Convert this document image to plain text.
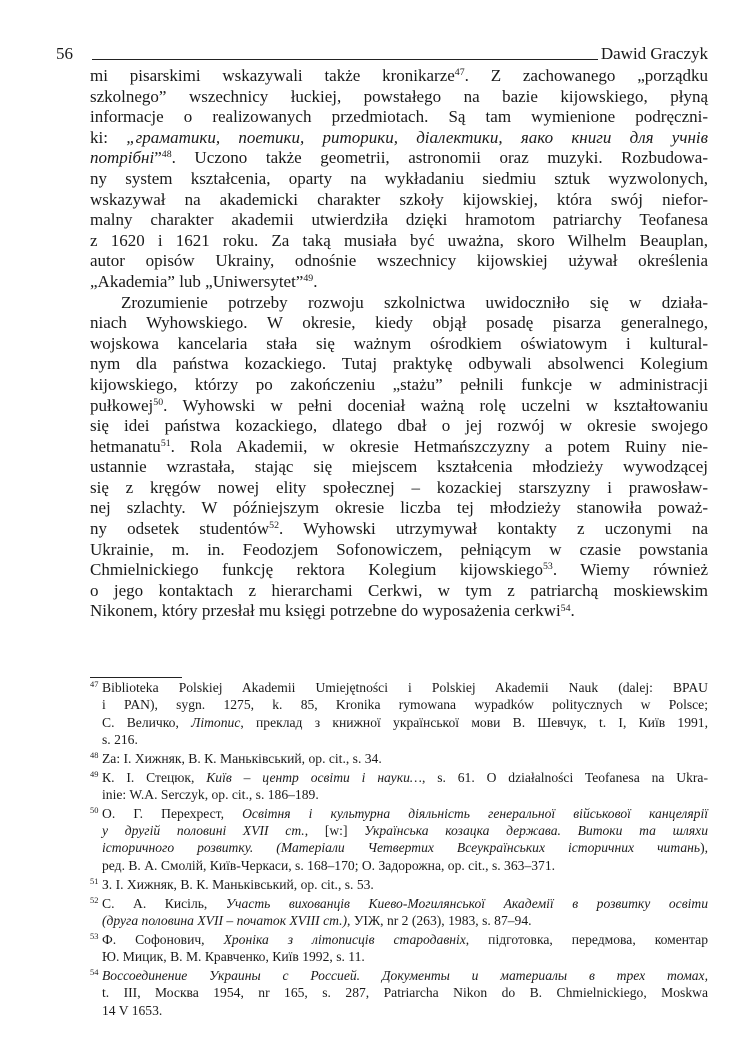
56	Dawid Graczyk
mi pisarskimi wskazywali także kronikarze$^{47}$. Z zachowanego „porządku
szkolnego” wszechnicy łuckiej, powstałego na bazie kijowskiego, płyną
informacje o realizowanych przedmiotach. Są tam wymienione podręczni-
ki: „граматики, поетики, риторики, діалектики, яако книги для учнів
потрібні”$^{48}$. Uczono także geometrii, astronomii oraz muzyki. Rozbudowa-
ny system kształcenia, oparty na wykładaniu siedmiu sztuk wyzwolonych,
wskazywał na akademicki charakter szkoły kijowskiej, która swój niefor-
malny charakter akademii utwierdziła dzięki hramotom patriarchy Teofanesa
z 1620 i 1621 roku. Za taką musiała być uważna, skoro Wilhelm Beauplan,
autor opisów Ukrainy, odnośnie wszechnicy kijowskiej używał określenia
„Akademia” lub „Uniwersytet”$^{49}$.
Zrozumienie potrzeby rozwoju szkolnictwa uwidoczniło się w działa-
niach Wyhowskiego. W okresie, kiedy objął posadę pisarza generalnego,
wojskowa kancelaria stała się ważnym ośrodkiem oświatowym i kultural-
nym dla państwa kozackiego. Tutaj praktykę odbywali absolwenci Kolegium
kijowskiego, którzy po zakończeniu „stażu” pełnili funkcje w administracji
pułkowej$^{50}$. Wyhowski w pełni doceniał ważną rolę uczelni w kształtowaniu
się idei państwa kozackiego, dlatego dbał o jej rozwój w okresie swojego
hetmanatu$^{51}$. Rola Akademii, w okresie Hetmańszczyzny a potem Ruiny nie-
ustannie wzrastała, stając się miejscem kształcenia młodzieży wywodzącej
się z kręgów nowej elity społecznej – kozackiej starszyzny i prawosław-
nej szlachty. W późniejszym okresie liczba tej młodzieży stanowiła poważ-
ny odsetek studentów$^{52}$. Wyhowski utrzymywał kontakty z uczonymi na
Ukrainie, m. in. Feodozjem Sofonowiczem, pełniącym w czasie powstania
Chmielnickiego funkcję rektora Kolegium kijowskiego$^{53}$. Wiemy również
o jego kontaktach z hierarchami Cerkwi, w tym z patriarchą moskiewskim
Nikonem, który przesłał mu księgi potrzebne do wyposażenia cerkwi$^{54}$.
47 Biblioteka Polskiej Akademii Umiejętności i Polskiej Akademii Nauk (dalej: BPAU
i PAN), sygn. 1275, k. 85, Kronika rymowana wypadków politycznych w Polsce;
С. Величко, Літопис, преклад з книжної української мови В. Шевчук, t. I, Київ 1991,
s. 216.
48 Za: І. Хижняк, В. К. Маньківський, op. cit., s. 34.
49 К. І. Стецюк, Київ – центр освіти і науки…, s. 61. O działalności Teofanesa na Ukra-
inie: W.A. Serczyk, op. cit., s. 186–189.
50 О. Г. Перехрест, Освітня і культурна діяльність генеральної військової канцелярії
у другій половині XVII ст., [w:] Українська козацка держава. Витоки та шляхи
історичного розвитку. (Матеріали Четвертих Всеукраїнських історичних читань),
ред. В. А. Смолій, Київ-Черкаси, s. 168–170; О. Задорожна, op. cit., s. 363–371.
51 З. І. Хижняк, В. К. Маньківський, op. cit., s. 53.
52 С. А. Кисіль, Участь вихованців Киево-Могилянської Академії в розвитку освіти
(друга половина XVII – початок XVIII ст.), УІЖ, nr 2 (263), 1983, s. 87–94.
53 Ф. Софонович, Хроніка з літописців стародавніх, підготовка, передмова, коментар
Ю. Мицик, В. М. Кравченко, Київ 1992, s. 11.
54 Воссоединение Украины с Россией. Документы и материалы в трех томах,
t. III, Москва 1954, nr 165, s. 287, Patriarcha Nikon do B. Chmielnickiego, Moskwa
14 V 1653.
